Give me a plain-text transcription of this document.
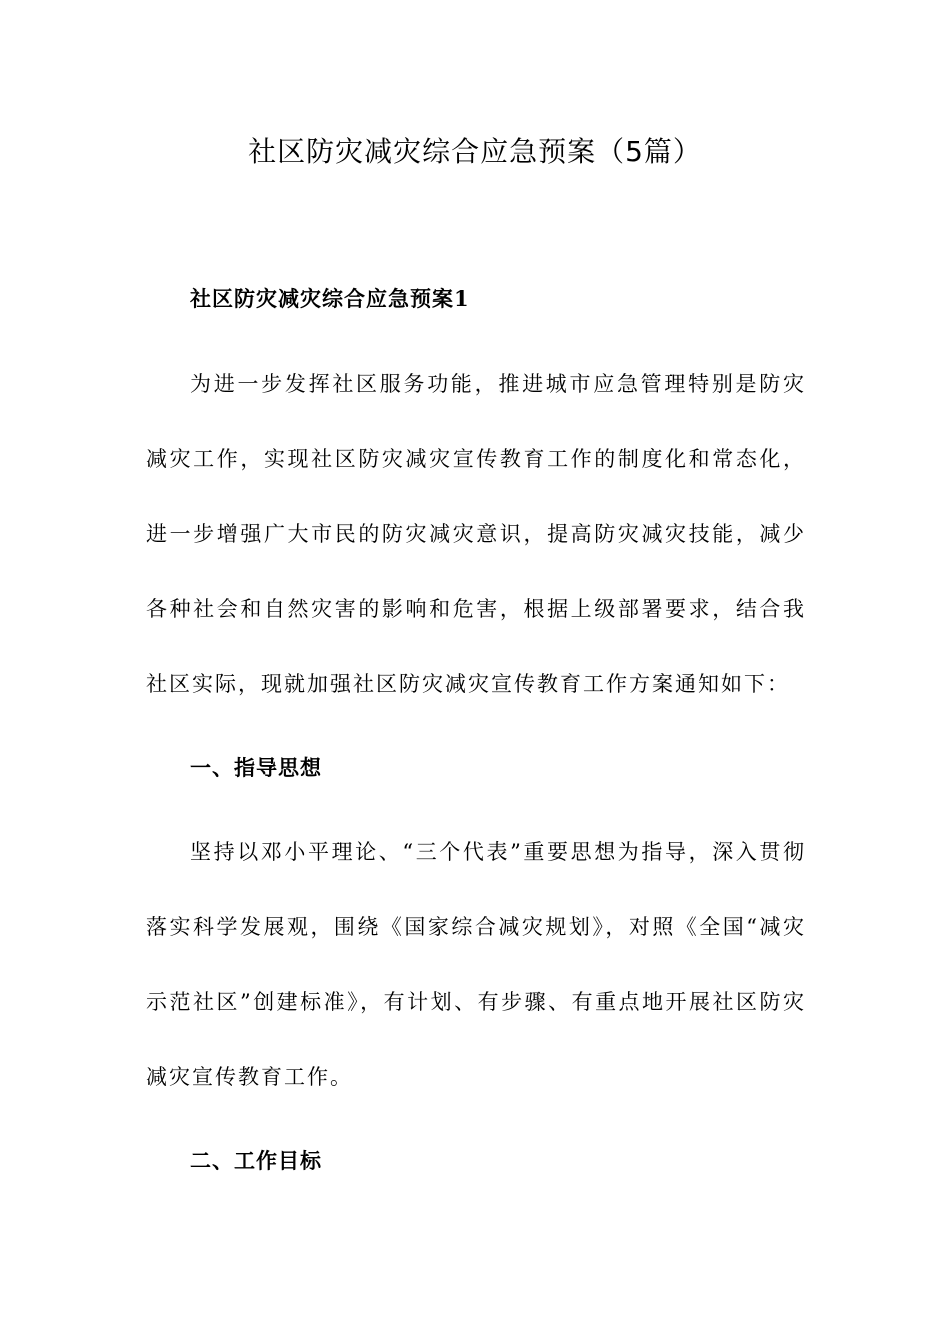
社区防灾减灾综合应急预案（5篇）
社区防灾减灾综合应急预案1

为进一步发挥社区服务功能，推进城市应急管理特别是防灾减灾工作，实现社区防灾减灾宣传教育工作的制度化和常态化，进一步增强广大市民的防灾减灾意识，提高防灾减灾技能，减少各种社会和自然灾害的影响和危害，根据上级部署要求，结合我社区实际，现就加强社区防灾减灾宣传教育工作方案通知如下：

一、指导思想

坚持以邓小平理论、“三个代表”重要思想为指导，深入贯彻落实科学发展观，围绕《国家综合减灾规划》，对照《全国“减灾示范社区”创建标准》，有计划、有步骤、有重点地开展社区防灾减灾宣传教育工作。

二、工作目标
